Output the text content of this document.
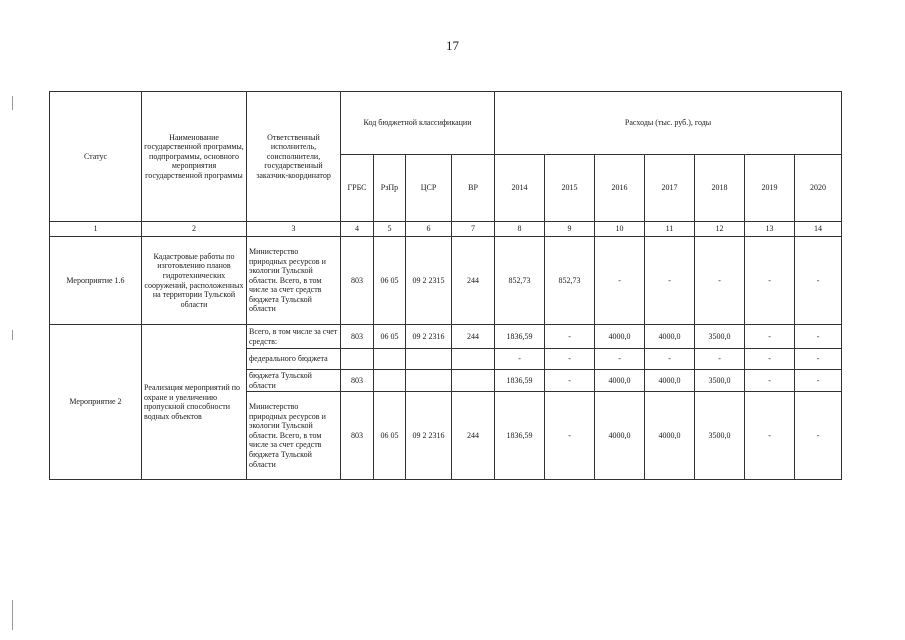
17
Статус	Наименование государственной программы, подпрограммы, основного мероприятия государственной программы	Ответственный исполнитель, соисполнители, государственный заказчик-координатор	Код бюджетной классификации				Расходы (тыс. руб.), годы						
			ГРБС	РзПр	ЦСР	ВР	2014	2015	2016	2017	2018	2019	2020
1	2	3	4	5	6	7	8	9	10	11	12	13	14
Мероприятие 1.6	Кадастровые работы по изготовлению планов гидротехнических сооружений, расположенных на территории Тульской области	Министерство природных ресурсов и экологии Тульской области. Всего, в том числе за счет средств бюджета Тульской области	803	06 05	09 2 2315	244	852,73	852,73	-	-	-	-	-
Мероприятие 2	Реализация мероприятий по охране и увеличению пропускной способности водных объектов	Всего, в том числе за счет средств:	803	06 05	09 2 2316	244	1836,59	-	4000,0	4000,0	3500,0	-	-
		федерального бюджета					-	-	-	-	-	-	-
		бюджета Тульской области	803				1836,59	-	4000,0	4000,0	3500,0	-	-
		Министерство природных ресурсов и экологии Тульской области. Всего, в том числе за счет средств бюджета Тульской области	803	06 05	09 2 2316	244	1836,59	-	4000,0	4000,0	3500,0	-	-
